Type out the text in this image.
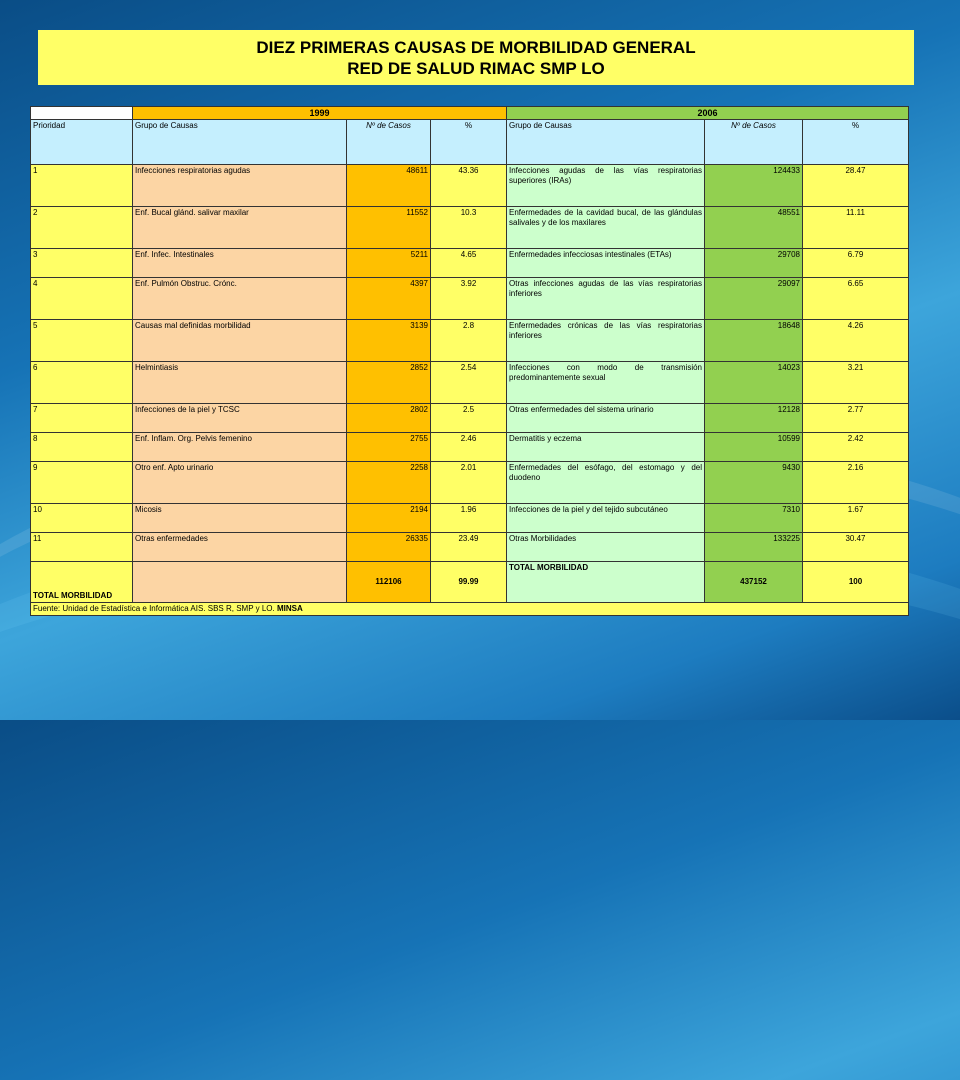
DIEZ PRIMERAS CAUSAS DE MORBILIDAD GENERAL
RED DE SALUD RIMAC SMP LO
	1999			2006		
Prioridad	Grupo de Causas	Nº de Casos	%	Grupo de Causas	Nº de Casos	%
1	Infecciones respiratorias agudas	48611	43.36	Infecciones agudas de las vías respiratorias superiores (IRAs)	124433	28.47
2	Enf. Bucal glánd. salivar maxilar	11552	10.3	Enfermedades de la cavidad bucal, de las glándulas salivales y de los maxilares	48551	11.11
3	Enf. Infec. Intestinales	5211	4.65	Enfermedades infecciosas intestinales (ETAs)	29708	6.79
4	Enf. Pulmón Obstruc. Crónc.	4397	3.92	Otras infecciones agudas de las vías respiratorias inferiores	29097	6.65
5	Causas mal definidas morbilidad	3139	2.8	Enfermedades crónicas de las vías respiratorias inferiores	18648	4.26
6	Helmintiasis	2852	2.54	Infecciones con modo de transmisión predominantemente sexual	14023	3.21
7	Infecciones de la piel y TCSC	2802	2.5	Otras enfermedades del sistema urinario	12128	2.77
8	Enf. Inflam. Org. Pelvis femenino	2755	2.46	Dermatitis y eczema	10599	2.42
9	Otro enf. Apto urinario	2258	2.01	Enfermedades del esófago, del estomago y del duodeno	9430	2.16
10	Micosis	2194	1.96	Infecciones de la piel y del tejido subcutáneo	7310	1.67
11	Otras enfermedades	26335	23.49	Otras Morbilidades	133225	30.47
TOTAL MORBILIDAD		112106	99.99	TOTAL MORBILIDAD	437152	100
Fuente: Unidad de Estadística e Informática AIS. SBS R, SMP y LO. MINSA						
